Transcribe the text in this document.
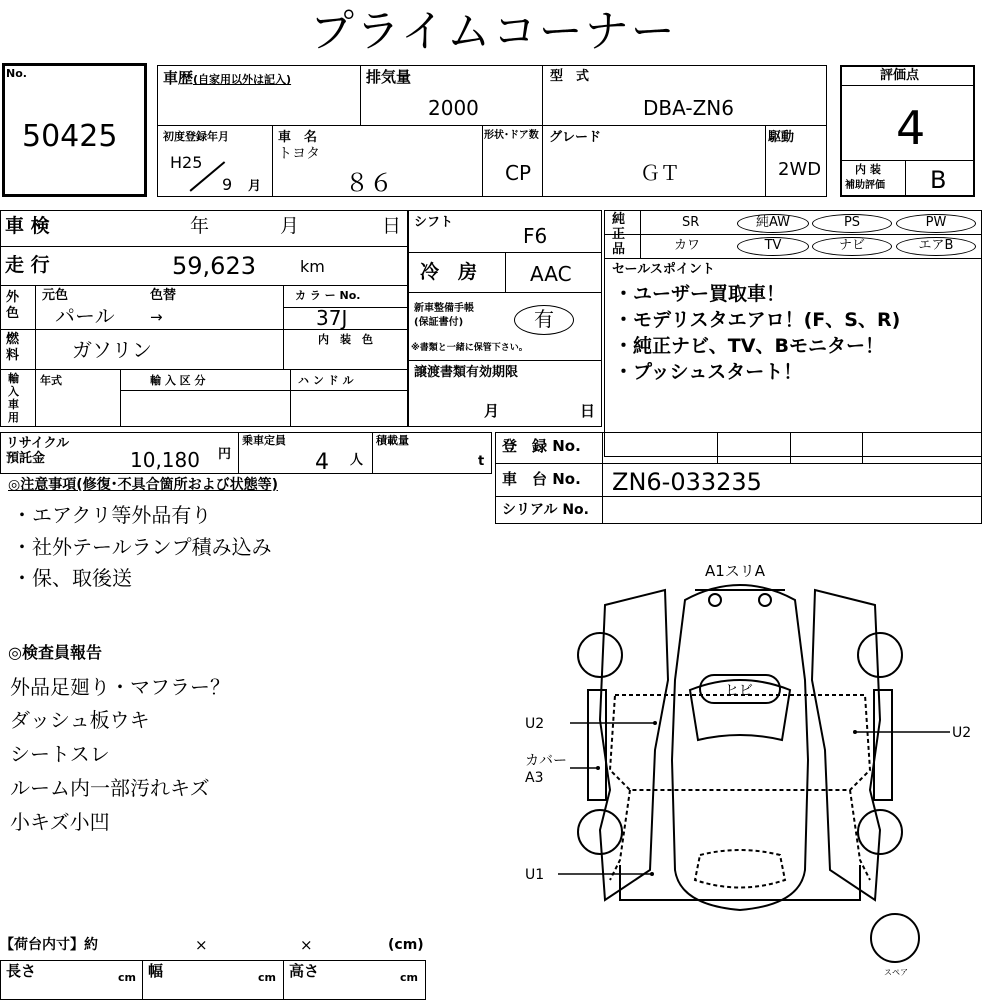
プライムコーナー
No.
50425
車歴(自家用以外は記入)	排気量
2000
型　式
DBA-ZN6
初度登録年月
H25
9 月
車　名
トヨタ
８６
形状･ドア数
CP
グレード
ＧＴ
駆動
2WD
評価点
4
内 装
補助評価 B
車 検	年	月	日
走 行	59,623	km
外色
元色	色替
パール →
カ ラ ー No.
37J
燃料	ガソリン	内　装　色
輸入車用
年式	輸 入 区 分	ハ ン ド ル
シフト
F6
冷　房	AAC
新車整備手帳
(保証書付)	有
※書類と一緒に保管下さい。
譲渡書類有効期限
月	日
純正品
SR	純AW	PS	PW
カワ	TV	ナビ	エアB
セールスポイント
・ユーザー買取車！
・モデリスタエアロ！(F、S、R)
・純正ナビ、TV、Bモニター！
・プッシュスタート！
リサイクル
預託金	10,180 円
乗車定員
4 人
積載量
t
登　録 No.
車　台 No. ZN6-033235
シリアル No.
◎注意事項(修復･不具合箇所および状態等)
・エアクリ等外品有り
・社外テールランプ積み込み
・保、取後送
◎検査員報告
外品足廻り・マフラー？
ダッシュ板ウキ
シートスレ
ルーム内一部汚れキズ
小キズ小凹
A1スリA
ヒビ
U2
U2
カバー
A3
U1
スペア
【荷台内寸】約	×	×	(cm)
長さ	cm 幅	cm 高さ	cm
